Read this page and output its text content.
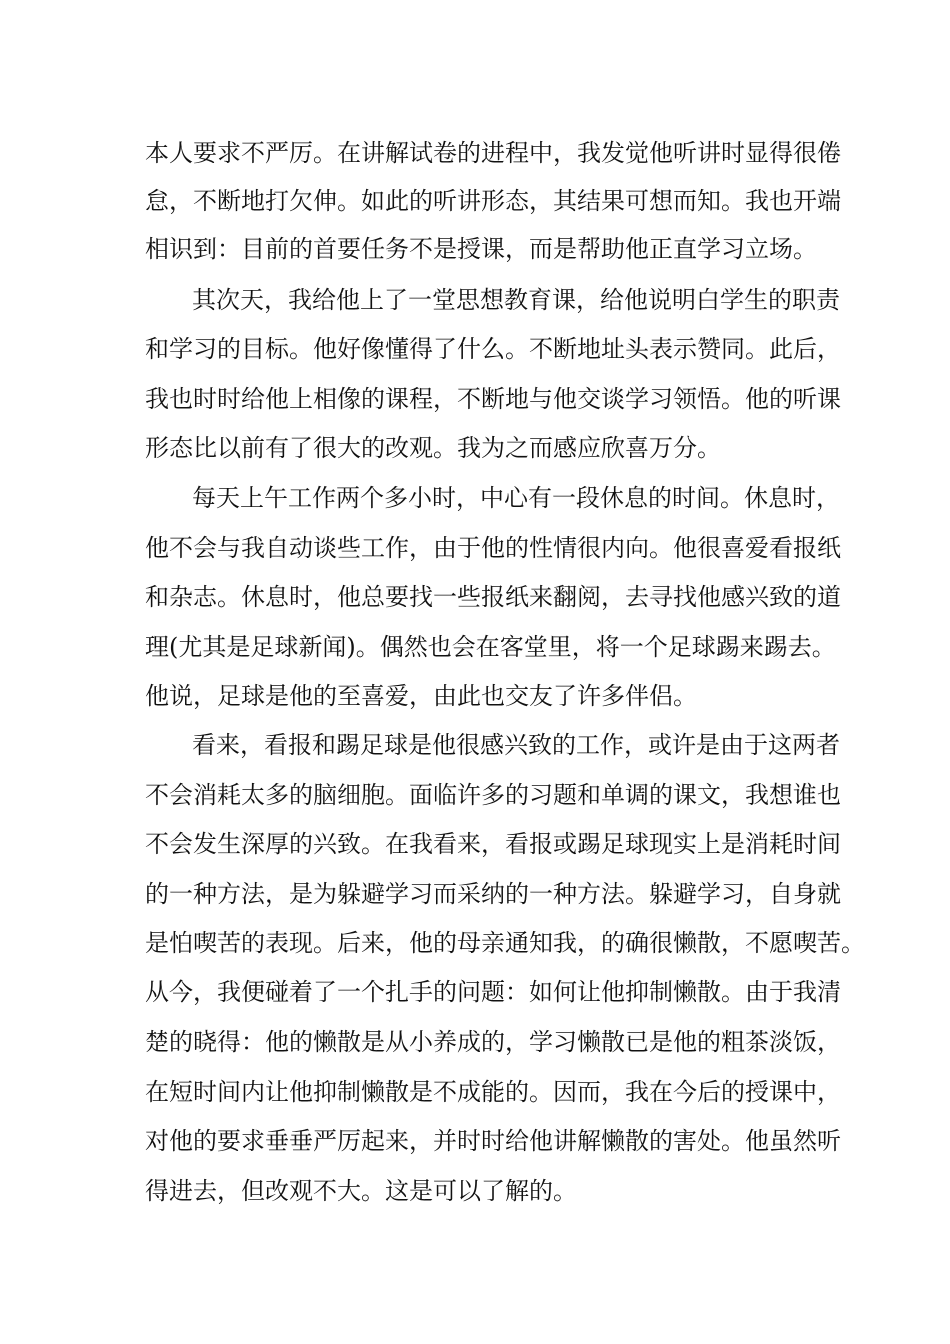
本人要求不严厉。在讲解试卷的进程中，我发觉他听讲时显得很倦
怠，不断地打欠伸。如此的听讲形态，其结果可想而知。我也开端
相识到：目前的首要任务不是授课，而是帮助他正直学习立场。
其次天，我给他上了一堂思想教育课，给他说明白学生的职责
和学习的目标。他好像懂得了什么。不断地址头表示赞同。此后，
我也时时给他上相像的课程，不断地与他交谈学习领悟。他的听课
形态比以前有了很大的改观。我为之而感应欣喜万分。
每天上午工作两个多小时，中心有一段休息的时间。休息时，
他不会与我自动谈些工作，由于他的性情很内向。他很喜爱看报纸
和杂志。休息时，他总要找一些报纸来翻阅，去寻找他感兴致的道
理(尤其是足球新闻)。偶然也会在客堂里，将一个足球踢来踢去。
他说，足球是他的至喜爱，由此也交友了许多伴侣。
看来，看报和踢足球是他很感兴致的工作，或许是由于这两者
不会消耗太多的脑细胞。面临许多的习题和单调的课文，我想谁也
不会发生深厚的兴致。在我看来，看报或踢足球现实上是消耗时间
的一种方法，是为躲避学习而采纳的一种方法。躲避学习，自身就
是怕喫苦的表现。后来，他的母亲通知我，的确很懒散，不愿喫苦。
从今，我便碰着了一个扎手的问题：如何让他抑制懒散。由于我清
楚的晓得：他的懒散是从小养成的，学习懒散已是他的粗茶淡饭，
在短时间内让他抑制懒散是不成能的。因而，我在今后的授课中，
对他的要求垂垂严厉起来，并时时给他讲解懒散的害处。他虽然听
得进去，但改观不大。这是可以了解的。
